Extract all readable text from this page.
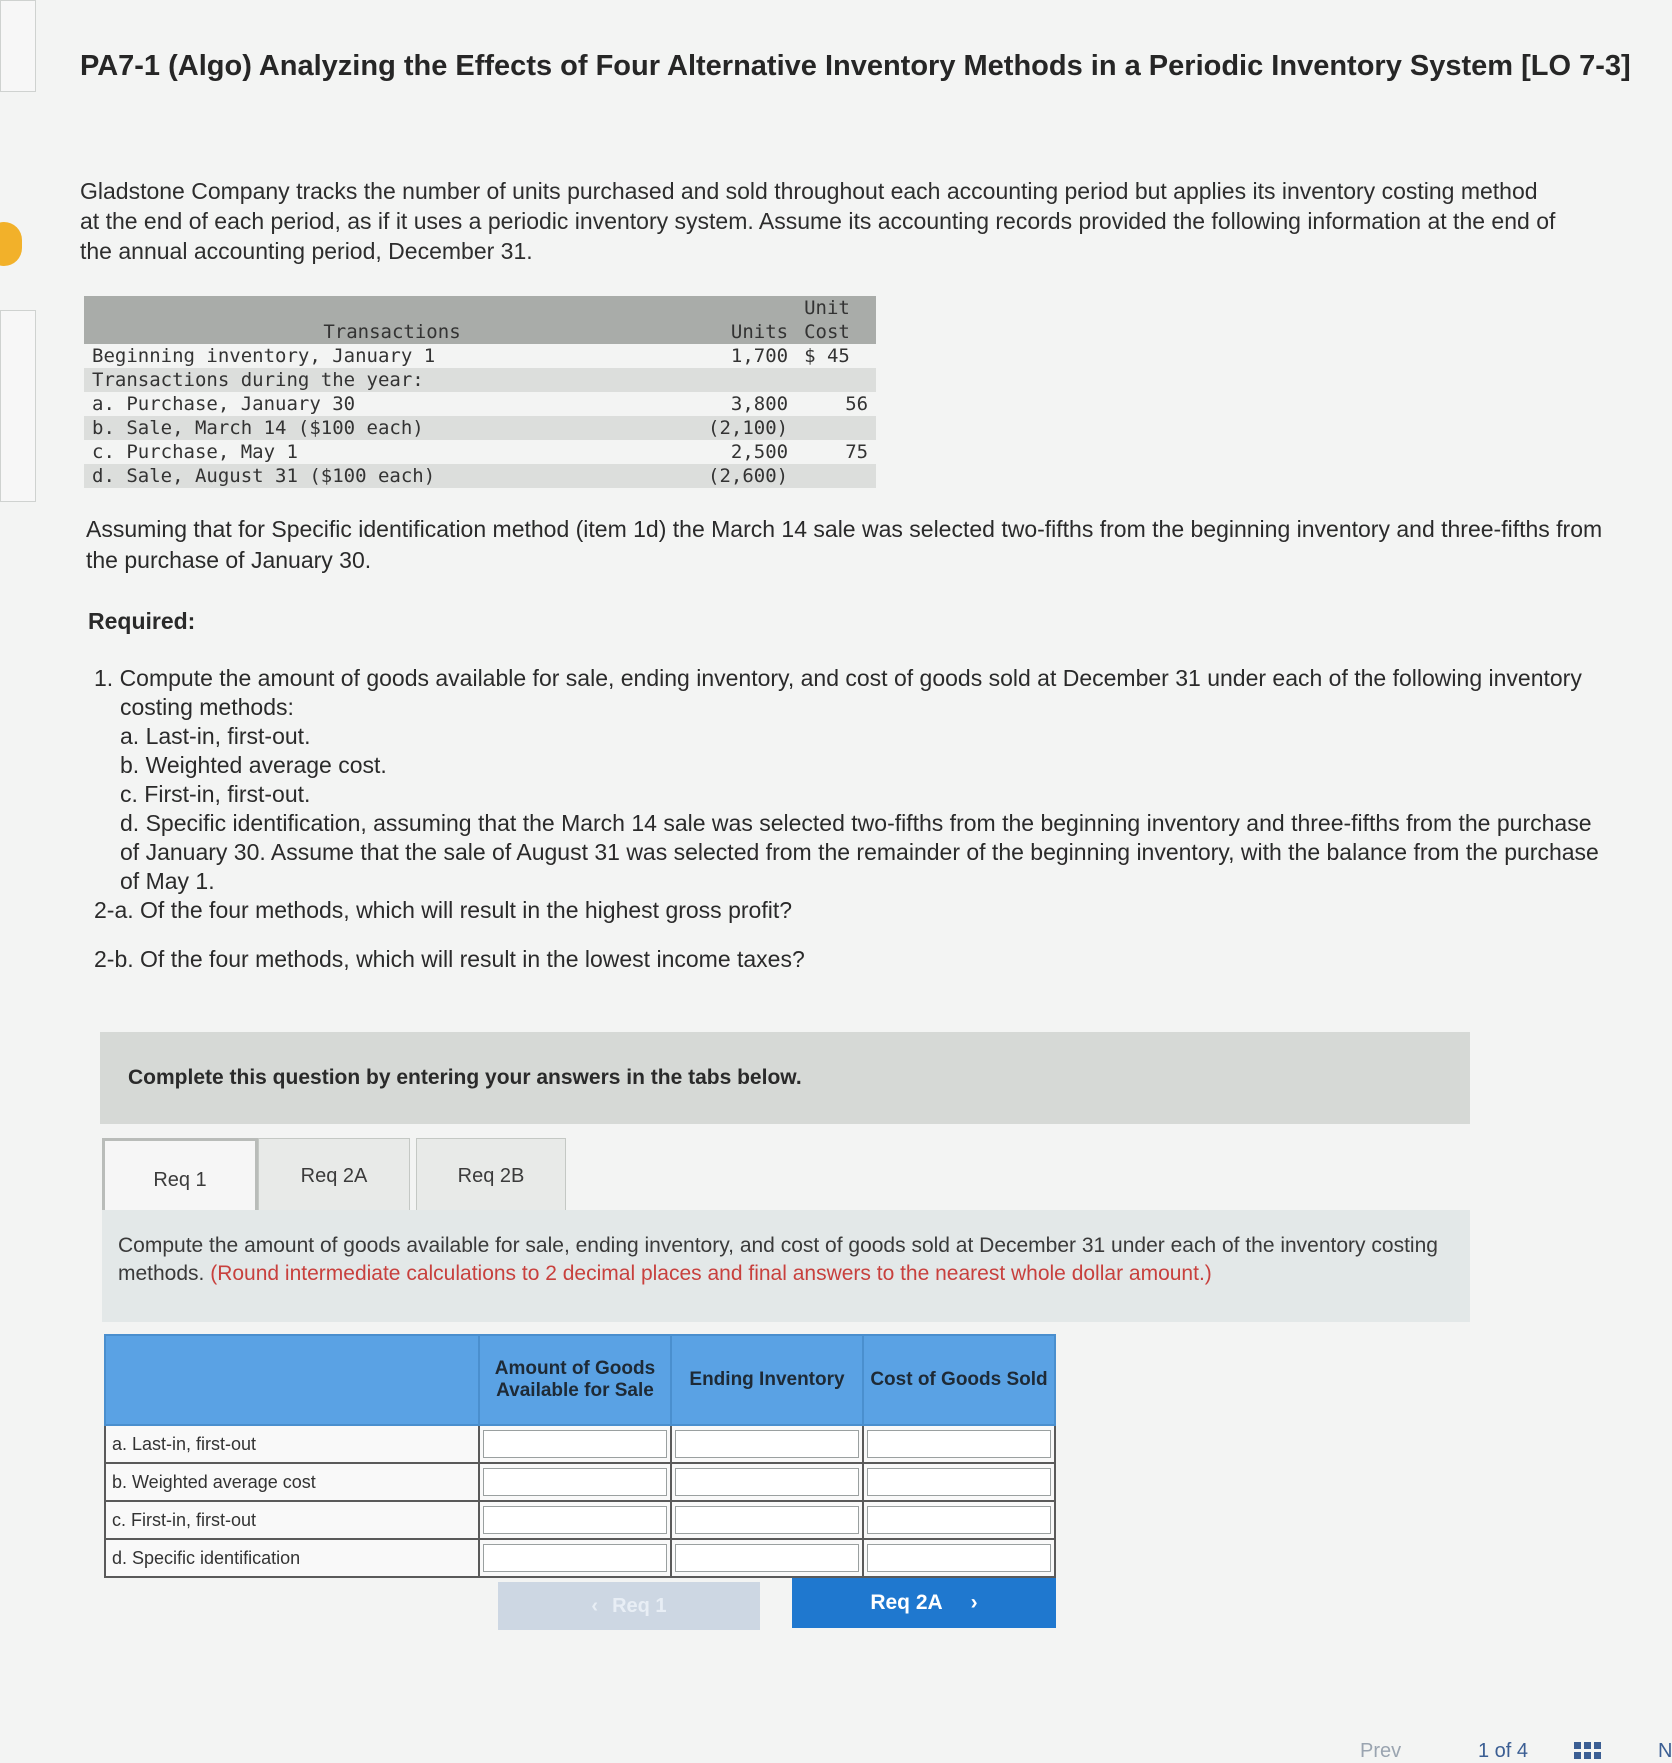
PA7-1 (Algo) Analyzing the Effects of Four Alternative Inventory Methods in a Periodic Inventory System [LO 7-3]

Gladstone Company tracks the number of units purchased and sold throughout each accounting period but applies its inventory costing method at the end of each period, as if it uses a periodic inventory system. Assume its accounting records provided the following information at the end of the annual accounting period, December 31.

Transactions	Units	Unit
Cost

Beginning inventory, January 1	1,700	$ 45
Transactions during the year:		
a. Purchase, January 30	3,800	56
b. Sale, March 14 ($100 each)	(2,100)	
c. Purchase, May 1	2,500	75
d. Sale, August 31 ($100 each)	(2,600)	

Assuming that for Specific identification method (item 1d) the March 14 sale was selected two-fifths from the beginning inventory and three-fifths from the purchase of January 30.

Required:
1. Compute the amount of goods available for sale, ending inventory, and cost of goods sold at December 31 under each of the following inventory costing methods:
a. Last-in, first-out.
b. Weighted average cost.
c. First-in, first-out.
d. Specific identification, assuming that the March 14 sale was selected two-fifths from the beginning inventory and three-fifths from the purchase of January 30. Assume that the sale of August 31 was selected from the remainder of the beginning inventory, with the balance from the purchase of May 1.
2-a. Of the four methods, which will result in the highest gross profit?
2-b. Of the four methods, which will result in the lowest income taxes?
Complete this question by entering your answers in the tabs below.
Req 1	Req 2A	Req 2B

Compute the amount of goods available for sale, ending inventory, and cost of goods sold at December 31 under each of the inventory costing methods. (Round intermediate calculations to 2 decimal places and final answers to the nearest whole dollar amount.)

	Amount of Goods Available for Sale	Ending Inventory	Cost of Goods Sold
a. Last-in, first-out			
b. Weighted average cost			
c. First-in, first-out			
d. Specific identification			
‹ Req 1	Req 2A ›
Prev	1 of 4	N
